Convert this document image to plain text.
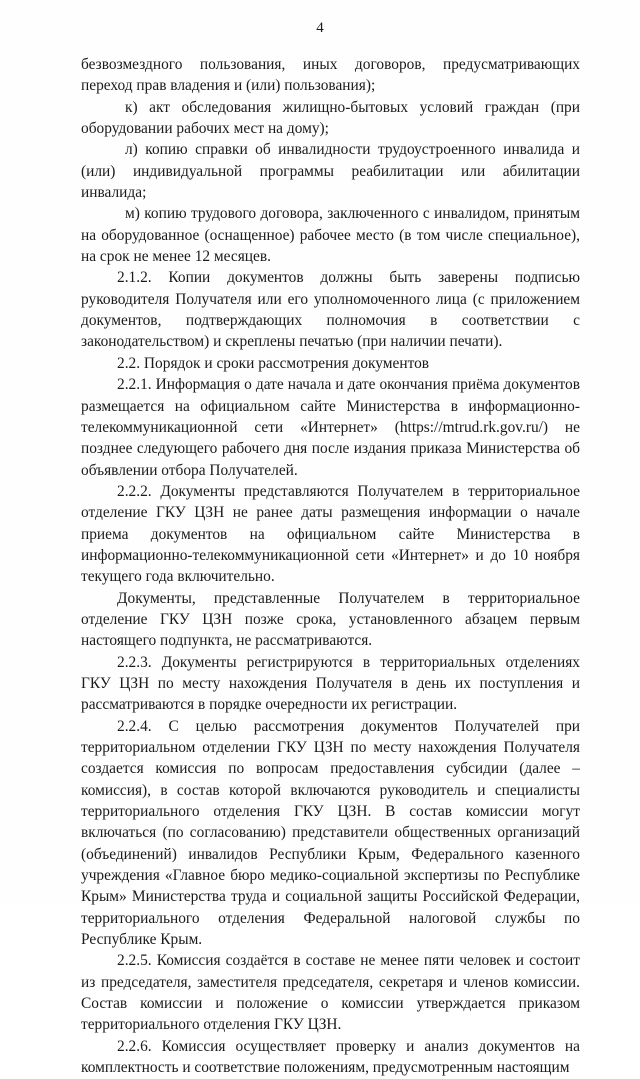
4

безвозмездного пользования, иных договоров, предусматривающих переход прав владения и (или) пользования);

к) акт обследования жилищно-бытовых условий граждан (при оборудовании рабочих мест на дому);

л) копию справки об инвалидности трудоустроенного инвалида и (или) индивидуальной программы реабилитации или абилитации инвалида;

м) копию трудового договора, заключенного с инвалидом, принятым на оборудованное (оснащенное) рабочее место (в том числе специальное), на срок не менее 12 месяцев.

2.1.2. Копии документов должны быть заверены подписью руководителя Получателя или его уполномоченного лица (с приложением документов, подтверждающих полномочия в соответствии с законодательством) и скреплены печатью (при наличии печати).

2.2. Порядок и сроки рассмотрения документов

2.2.1. Информация о дате начала и дате окончания приёма документов размещается на официальном сайте Министерства в информационно-телекоммуникационной сети «Интернет» (https://mtrud.rk.gov.ru/) не позднее следующего рабочего дня после издания приказа Министерства об объявлении отбора Получателей.

2.2.2. Документы представляются Получателем в территориальное отделение ГКУ ЦЗН не ранее даты размещения информации о начале приема документов на официальном сайте Министерства в информационно-телекоммуникационной сети «Интернет» и до 10 ноября текущего года включительно.

Документы, представленные Получателем в территориальное отделение ГКУ ЦЗН позже срока, установленного абзацем первым настоящего подпункта, не рассматриваются.

2.2.3. Документы регистрируются в территориальных отделениях ГКУ ЦЗН по месту нахождения Получателя в день их поступления и рассматриваются в порядке очередности их регистрации.

2.2.4. С целью рассмотрения документов Получателей при территориальном отделении ГКУ ЦЗН по месту нахождения Получателя создается комиссия по вопросам предоставления субсидии (далее – комиссия), в состав которой включаются руководитель и специалисты территориального отделения ГКУ ЦЗН. В состав комиссии могут включаться (по согласованию) представители общественных организаций (объединений) инвалидов Республики Крым, Федерального казенного учреждения «Главное бюро медико-социальной экспертизы по Республике Крым» Министерства труда и социальной защиты Российской Федерации, территориального отделения Федеральной налоговой службы по Республике Крым.

2.2.5. Комиссия создаётся в составе не менее пяти человек и состоит из председателя, заместителя председателя, секретаря и членов комиссии. Состав комиссии и положение о комиссии утверждается приказом территориального отделения ГКУ ЦЗН.

2.2.6. Комиссия осуществляет проверку и анализ документов на комплектность и соответствие положениям, предусмотренным настоящим
